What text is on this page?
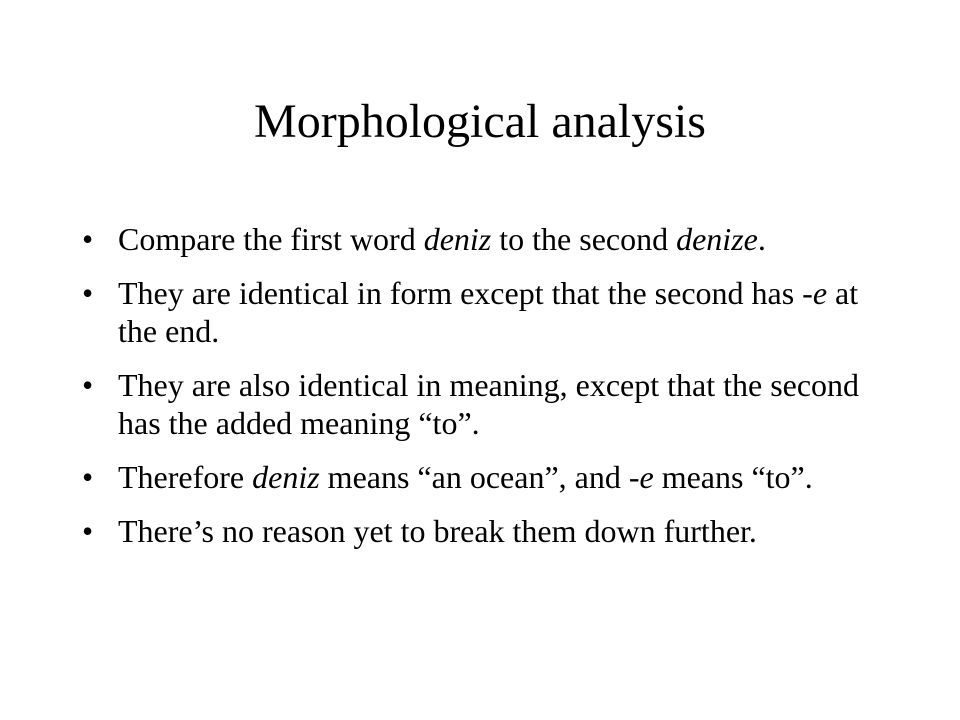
Morphological analysis
• Compare the first word deniz to the second denize.
• They are identical in form except that the second has -e at the end.
• They are also identical in meaning, except that the second has the added meaning “to”.
• Therefore deniz means “an ocean”, and -e means “to”.
• There’s no reason yet to break them down further.
